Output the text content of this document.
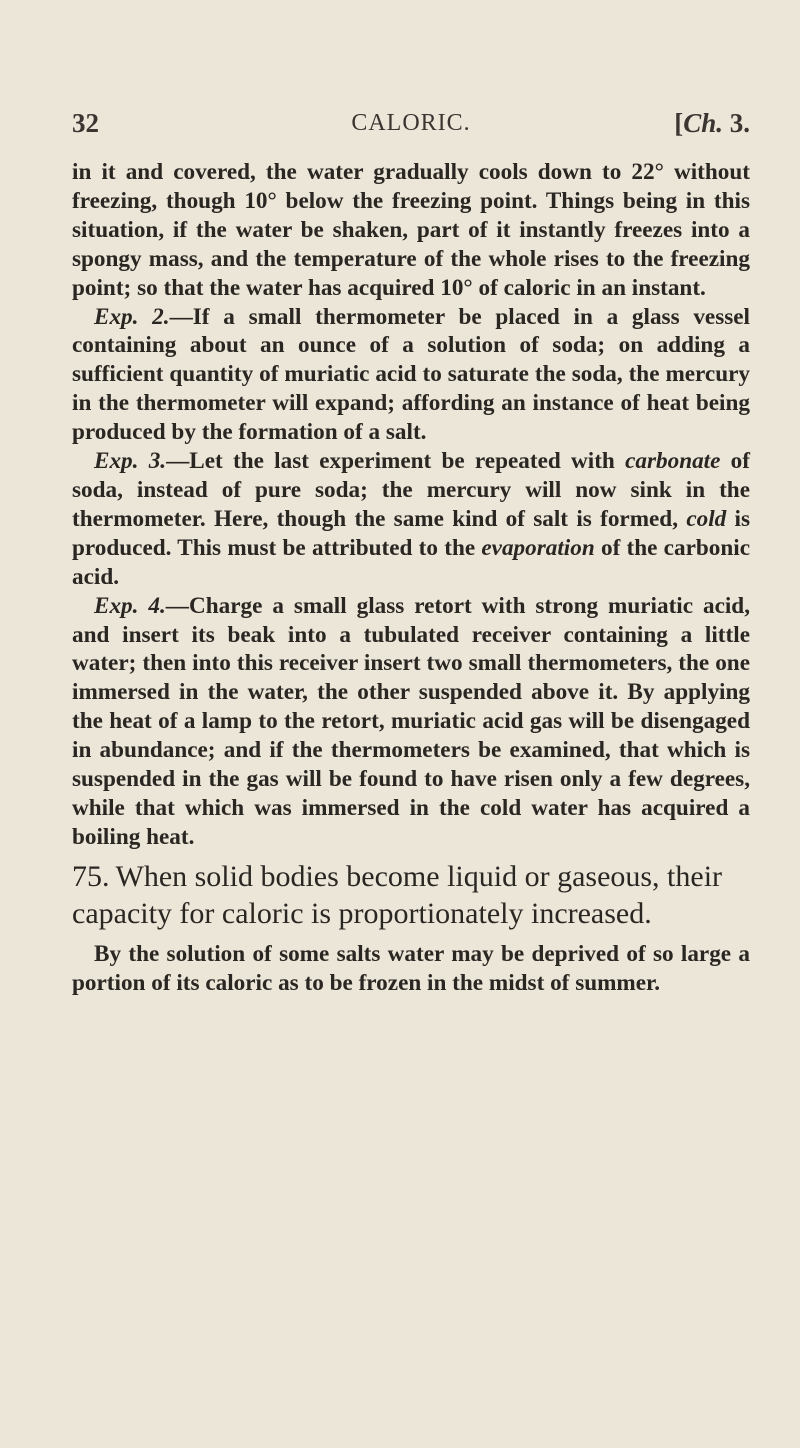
32	CALORIC.	[Ch. 3.

in it and covered, the water gradually cools down to 22° without freezing, though 10° below the freezing point. Things being in this situation, if the water be shaken, part of it instantly freezes into a spongy mass, and the temperature of the whole rises to the freezing point; so that the water has acquired 10° of caloric in an instant.

Exp. 2.—If a small thermometer be placed in a glass vessel containing about an ounce of a solution of soda; on adding a sufficient quantity of muriatic acid to saturate the soda, the mercury in the thermometer will expand; affording an instance of heat being produced by the formation of a salt.

Exp. 3.—Let the last experiment be repeated with carbonate of soda, instead of pure soda; the mercury will now sink in the thermometer. Here, though the same kind of salt is formed, cold is produced. This must be attributed to the evaporation of the carbonic acid.

Exp. 4.—Charge a small glass retort with strong muriatic acid, and insert its beak into a tubulated receiver containing a little water; then into this receiver insert two small thermometers, the one immersed in the water, the other suspended above it. By applying the heat of a lamp to the retort, muriatic acid gas will be disengaged in abundance; and if the thermometers be examined, that which is suspended in the gas will be found to have risen only a few degrees, while that which was immersed in the cold water has acquired a boiling heat.

75. When solid bodies become liquid or gaseous, their capacity for caloric is proportionately increased.

By the solution of some salts water may be deprived of so large a portion of its caloric as to be frozen in the midst of summer.
